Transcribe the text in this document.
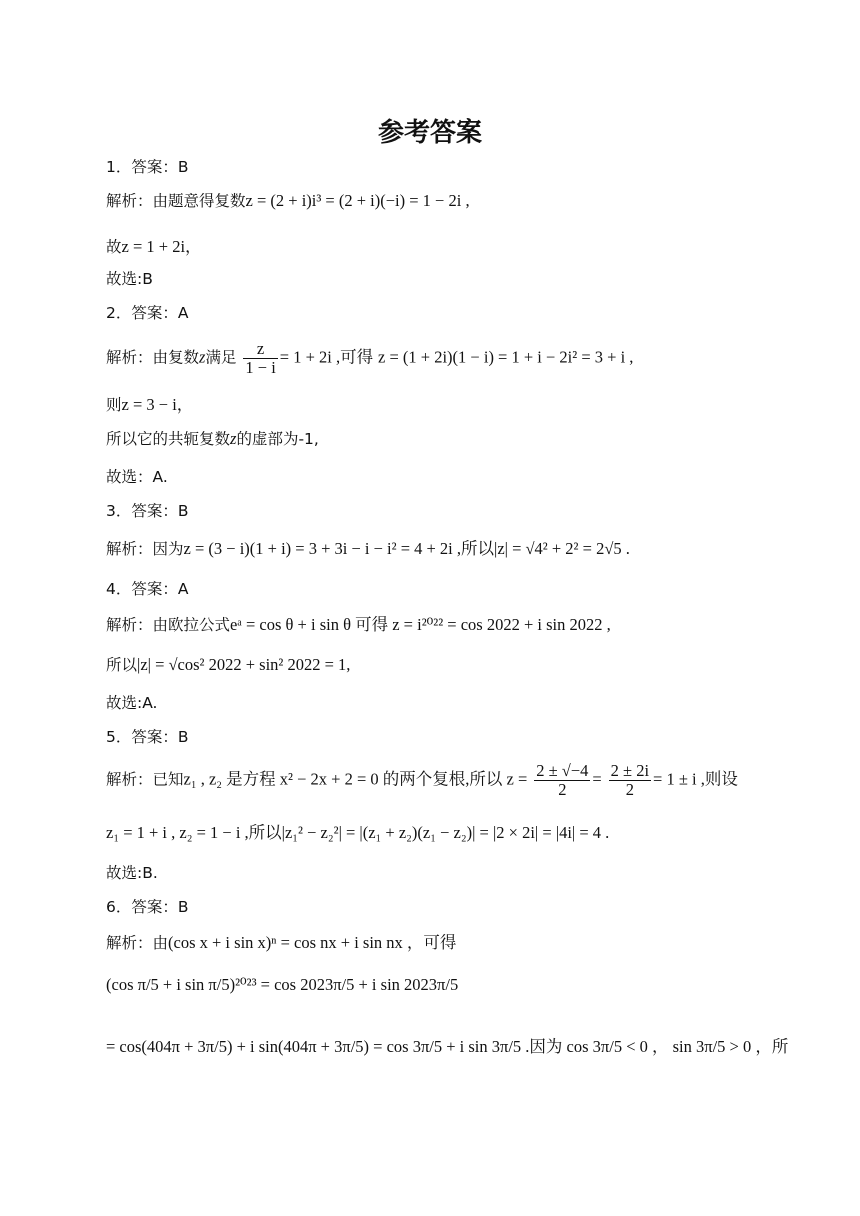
参考答案
1．答案：B
解析：由题意得复数z = (2 + i)i³ = (2 + i)(−i) = 1 − 2i ,
故z = 1 + 2i，
故选:B
2．答案：A
解析：由复数z满足 $\frac{z}{1 - i} = 1 + 2i$ ,可得 z = (1 + 2i)(1 − i) = 1 + i − 2i² = 3 + i ,
则z = 3 − i，
所以它的共轭复数z的虚部为-1,
故选：A.
3．答案：B
解析：因为z = (3 − i)(1 + i) = 3 + 3i − i − i² = 4 + 2i ,所以|z| = √4² + 2² = 2√5 .
4．答案：A
解析：由欧拉公式eᵃ = cos θ + i sin θ 可得 z = i²⁰²² = cos 2022 + i sin 2022 ,
所以|z| = √cos² 2022 + sin² 2022 = 1,
故选:A.
5．答案：B
解析：已知z₁ , z₂ 是方程 x² − 2x + 2 = 0 的两个复根,所以 $z = \frac{2 \pm √-4}{2} = \frac{2 \pm 2i}{2} = 1 \pm i$ ,则设
z₁ = 1 + i , z₂ = 1 − i ,所以|z₁² − z₂²| = |(z₁ + z₂)(z₁ − z₂)| = |2 × 2i| = |4i| = 4 .
故选:B.
6．答案：B
解析：由(cos x + i sin x)ⁿ = cos nx + i sin nx ，可得
(cos π/5 + i sin π/5)²⁰²³ = cos 2023π/5 + i sin 2023π/5
= cos(404π + 3π/5) + i sin(404π + 3π/5) = cos 3π/5 + i sin 3π/5 .因为 cos 3π/5 < 0 ， sin 3π/5 > 0 ，所
